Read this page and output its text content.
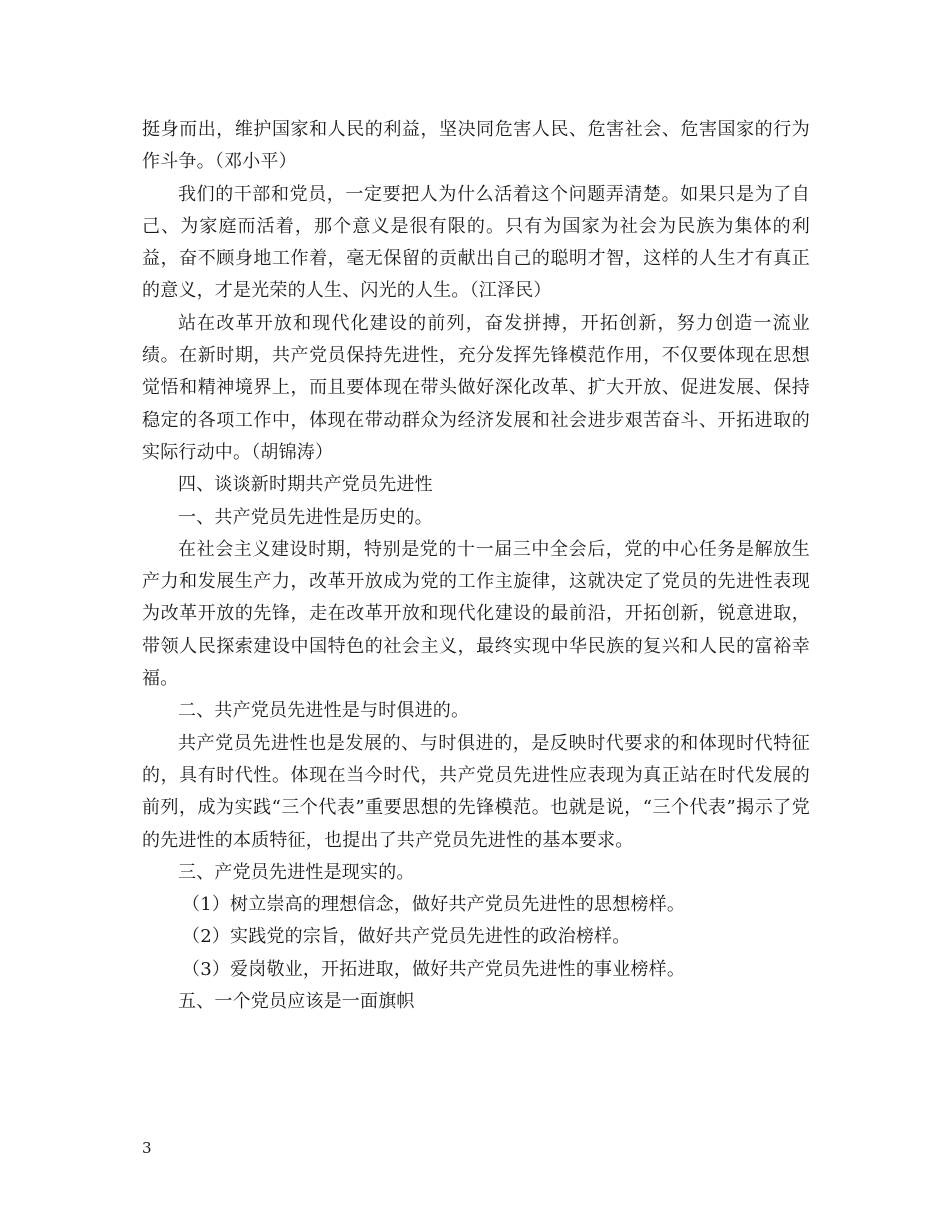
挺身而出，维护国家和人民的利益，坚决同危害人民、危害社会、危害国家的行为作斗争。（邓小平）

我们的干部和党员，一定要把人为什么活着这个问题弄清楚。如果只是为了自己、为家庭而活着，那个意义是很有限的。只有为国家为社会为民族为集体的利益，奋不顾身地工作着，毫无保留的贡献出自己的聪明才智，这样的人生才有真正的意义，才是光荣的人生、闪光的人生。（江泽民）

站在改革开放和现代化建设的前列，奋发拼搏，开拓创新，努力创造一流业绩。在新时期，共产党员保持先进性，充分发挥先锋模范作用，不仅要体现在思想觉悟和精神境界上，而且要体现在带头做好深化改革、扩大开放、促进发展、保持稳定的各项工作中，体现在带动群众为经济发展和社会进步艰苦奋斗、开拓进取的实际行动中。（胡锦涛）

四、谈谈新时期共产党员先进性

一、共产党员先进性是历史的。

在社会主义建设时期，特别是党的十一届三中全会后，党的中心任务是解放生产力和发展生产力，改革开放成为党的工作主旋律，这就决定了党员的先进性表现为改革开放的先锋，走在改革开放和现代化建设的最前沿，开拓创新，锐意进取，带领人民探索建设中国特色的社会主义，最终实现中华民族的复兴和人民的富裕幸福。

二、共产党员先进性是与时俱进的。

共产党员先进性也是发展的、与时俱进的，是反映时代要求的和体现时代特征的，具有时代性。体现在当今时代，共产党员先进性应表现为真正站在时代发展的前列，成为实践“三个代表”重要思想的先锋模范。也就是说，“三个代表”揭示了党的先进性的本质特征，也提出了共产党员先进性的基本要求。

三、产党员先进性是现实的。

（1）树立崇高的理想信念，做好共产党员先进性的思想榜样。

（2）实践党的宗旨，做好共产党员先进性的政治榜样。

（3）爱岗敬业，开拓进取，做好共产党员先进性的事业榜样。

五、一个党员应该是一面旗帜

3
